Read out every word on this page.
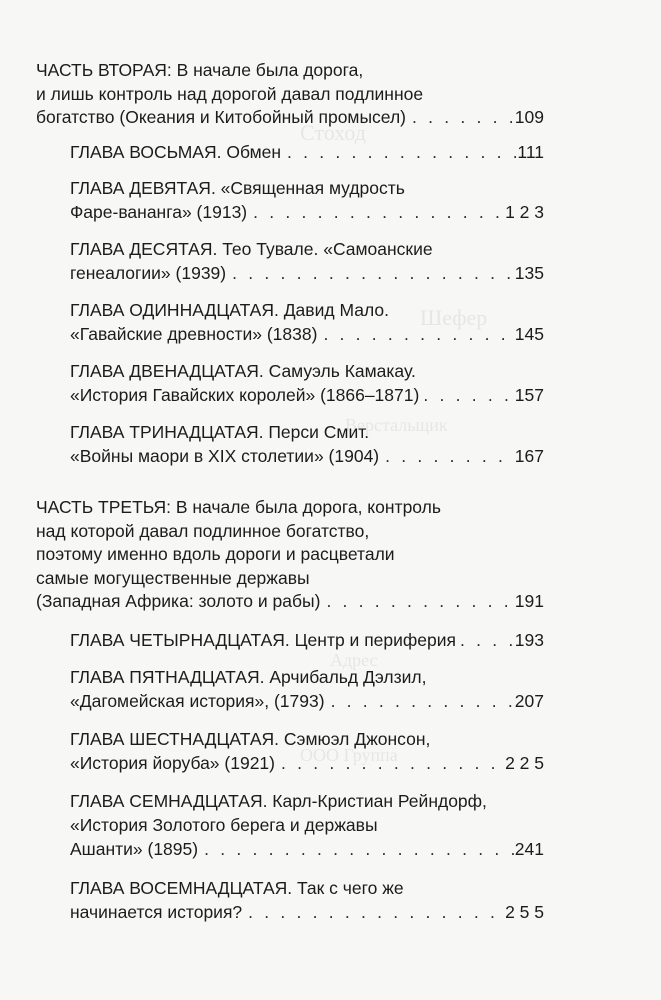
Стоход
Шефер
Верстальщик
Адрес
ООО Группа
ЧАСТЬ ВТОРАЯ: В начале была дорога,
и лишь контроль над дорогой давал подлинное
богатство (Океания и Китобойный промысел) . . .	109
ГЛАВА ВОСЬМАЯ. Обмен . . .	111
ГЛАВА ДЕВЯТАЯ. «Священная мудрость
Фаре-вананга» (1913) . . .	1 2 3
ГЛАВА ДЕСЯТАЯ. Тео Тувале. «Самоанские
генеалогии» (1939) . . .	135
ГЛАВА ОДИННАДЦАТАЯ. Давид Мало.
«Гавайские древности» (1838) . . .	145
ГЛАВА ДВЕНАДЦАТАЯ. Самуэль Камакау.
«История Гавайских королей» (1866–1871) . . .	157
ГЛАВА ТРИНАДЦАТАЯ. Перси Смит.
«Войны маори в XIX столетии» (1904) . . .	167
ЧАСТЬ ТРЕТЬЯ: В начале была дорога, контроль
над которой давал подлинное богатство,
поэтому именно вдоль дороги и расцветали
самые могущественные державы
(Западная Африка: золото и рабы) . . .	191
ГЛАВА ЧЕТЫРНАДЦАТАЯ. Центр и периферия . . .	193
ГЛАВА ПЯТНАДЦАТАЯ. Арчибальд Дэлзил,
«Дагомейская история», (1793) . . .	207
ГЛАВА ШЕСТНАДЦАТАЯ. Сэмюэл Джонсон,
«История йоруба» (1921) . . .	2 2 5
ГЛАВА СЕМНАДЦАТАЯ. Карл-Кристиан Рейндорф,
«История Золотого берега и державы
Ашанти» (1895) . . .	241
ГЛАВА ВОСЕМНАДЦАТАЯ. Так с чего же
начинается история? . . .	2 5 5
